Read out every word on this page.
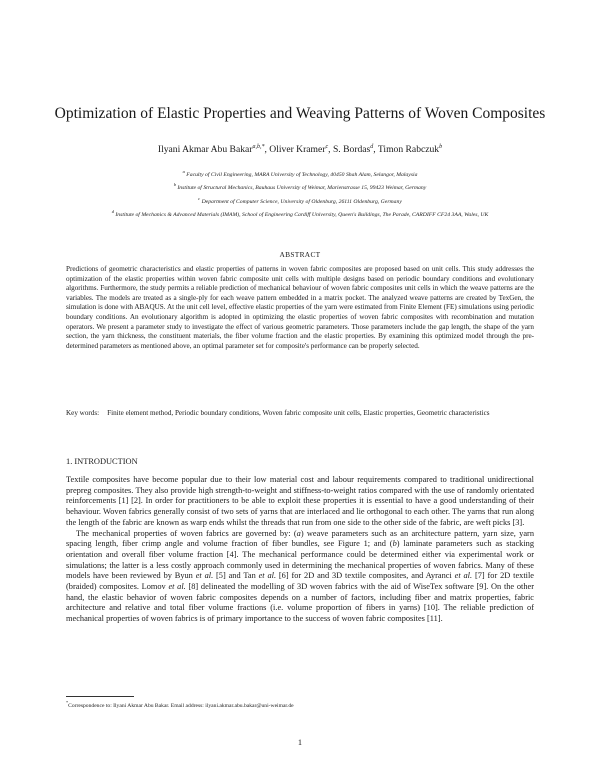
Optimization of Elastic Properties and Weaving Patterns of Woven Composites
Ilyani Akmar Abu Bakar$^{a,b,*}$, Oliver Kramer$^c$, S. Bordas$^d$, Timon Rabczuk$^b$
$^a$ Faculty of Civil Engineering, MARA University of Technology, 40450 Shah Alam, Selangor, Malaysia
$^b$ Institute of Structural Mechanics, Bauhaus University of Weimar, Marienstrasse 15, 99423 Weimar, Germany
$^c$ Department of Computer Science, University of Oldenburg, 26111 Oldenburg, Germany
$^d$ Institute of Mechanics & Advanced Materials (IMAM), School of Engineering Cardiff University, Queen's Buildings, The Parade, CARDIFF CF24 3AA, Wales, UK
ABSTRACT
Predictions of geometric characteristics and elastic properties of patterns in woven fabric composites are proposed based on unit cells. This study addresses the optimization of the elastic properties within woven fabric composite unit cells with multiple designs based on periodic boundary conditions and evolutionary algorithms. Furthermore, the study permits a reliable prediction of mechanical behaviour of woven fabric composites unit cells in which the weave patterns are the variables. The models are treated as a single-ply for each weave pattern embedded in a matrix pocket. The analyzed weave patterns are created by TexGen, the simulation is done with ABAQUS. At the unit cell level, effective elastic properties of the yarn were estimated from Finite Element (FE) simulations using periodic boundary conditions. An evolutionary algorithm is adopted in optimizing the elastic properties of woven fabric composites with recombination and mutation operators. We present a parameter study to investigate the effect of various geometric parameters. Those parameters include the gap length, the shape of the yarn section, the yarn thickness, the constituent materials, the fiber volume fraction and the elastic properties. By examining this optimized model through the pre- determined parameters as mentioned above, an optimal parameter set for composite's performance can be properly selected.
Key words: Finite element method, Periodic boundary conditions, Woven fabric composite unit cells, Elastic properties, Geometric characteristics
1. INTRODUCTION

Textile composites have become popular due to their low material cost and labour requirements compared to traditional unidirectional prepreg composites. They also provide high strength-to-weight and stiffness-to-weight ratios compared with the use of randomly orientated reinforcements [1] [2]. In order for practitioners to be able to exploit these properties it is essential to have a good understanding of their behaviour. Woven fabrics generally consist of two sets of yarns that are interlaced and lie orthogonal to each other. The yarns that run along the length of the fabric are known as warp ends whilst the threads that run from one side to the other side of the fabric, are weft picks [3].

The mechanical properties of woven fabrics are governed by: (a) weave parameters such as an architecture pattern, yarn size, yarn spacing length, fiber crimp angle and volume fraction of fiber bundles, see Figure 1; and (b) laminate parameters such as stacking orientation and overall fiber volume fraction [4]. The mechanical performance could be determined either via experimental work or simulations; the latter is a less costly approach commonly used in determining the mechanical properties of woven fabrics. Many of these models have been reviewed by Byun et al. [5] and Tan et al. [6] for 2D and 3D textile composites, and Ayranci et al. [7] for 2D textile (braided) composites. Lomov et al. [8] delineated the modelling of 3D woven fabrics with the aid of WiseTex software [9]. On the other hand, the elastic behavior of woven fabric composites depends on a number of factors, including fiber and matrix properties, fabric architecture and relative and total fiber volume fractions (i.e. volume proportion of fibers in yarns) [10]. The reliable prediction of mechanical properties of woven fabrics is of primary importance to the success of woven fabric composites [11].

*Correspondence to: Ilyani Akmar Abu Bakar. Email address: ilyani.akmar.abu.bakar@uni-weimar.de
1
